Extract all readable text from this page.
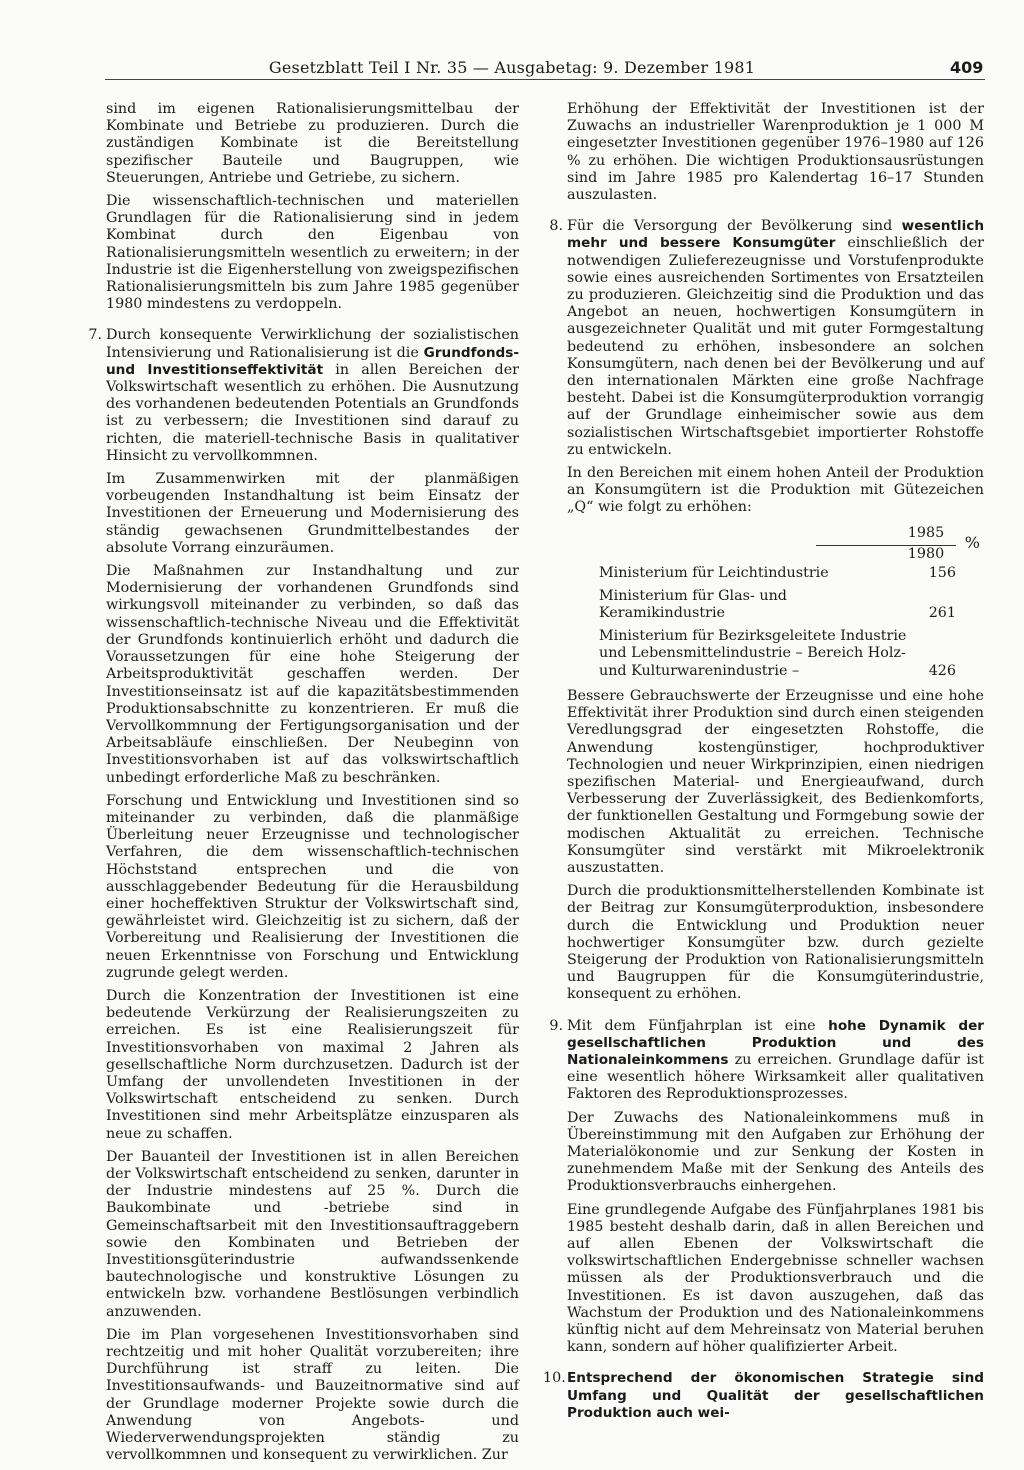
Gesetzblatt Teil I Nr. 35 — Ausgabetag: 9. Dezember 1981	409

sind im eigenen Rationalisierungsmittelbau der Kombinate und Betriebe zu produzieren. Durch die zuständigen Kombinate ist die Bereitstellung spezifischer Bauteile und Baugruppen, wie Steuerungen, Antriebe und Getriebe, zu sichern.

Die wissenschaftlich-technischen und materiellen Grundlagen für die Rationalisierung sind in jedem Kombinat durch den Eigenbau von Rationalisierungsmitteln wesentlich zu erweitern; in der Industrie ist die Eigenherstellung von zweigspezifischen Rationalisierungsmitteln bis zum Jahre 1985 gegenüber 1980 mindestens zu verdoppeln.

7. Durch konsequente Verwirklichung der sozialistischen Intensivierung und Rationalisierung ist die Grundfonds- und Investitionseffektivität in allen Bereichen der Volkswirtschaft wesentlich zu erhöhen. Die Ausnutzung des vorhandenen bedeutenden Potentials an Grundfonds ist zu verbessern; die Investitionen sind darauf zu richten, die materiell-technische Basis in qualitativer Hinsicht zu vervollkommnen.

Im Zusammenwirken mit der planmäßigen vorbeugenden Instandhaltung ist beim Einsatz der Investitionen der Erneuerung und Modernisierung des ständig gewachsenen Grundmittelbestandes der absolute Vorrang einzuräumen.

Die Maßnahmen zur Instandhaltung und zur Modernisierung der vorhandenen Grundfonds sind wirkungsvoll miteinander zu verbinden, so daß das wissenschaftlich-technische Niveau und die Effektivität der Grundfonds kontinuierlich erhöht und dadurch die Voraussetzungen für eine hohe Steigerung der Arbeitsproduktivität geschaffen werden. Der Investitionseinsatz ist auf die kapazitätsbestimmenden Produktionsabschnitte zu konzentrieren. Er muß die Vervollkommnung der Fertigungsorganisation und der Arbeitsabläufe einschließen. Der Neubeginn von Investitionsvorhaben ist auf das volkswirtschaftlich unbedingt erforderliche Maß zu beschränken.

Forschung und Entwicklung und Investitionen sind so miteinander zu verbinden, daß die planmäßige Überleitung neuer Erzeugnisse und technologischer Verfahren, die dem wissenschaftlich-technischen Höchststand entsprechen und die von ausschlaggebender Bedeutung für die Herausbildung einer hocheffektiven Struktur der Volkswirtschaft sind, gewährleistet wird. Gleichzeitig ist zu sichern, daß der Vorbereitung und Realisierung der Investitionen die neuen Erkenntnisse von Forschung und Entwicklung zugrunde gelegt werden.

Durch die Konzentration der Investitionen ist eine bedeutende Verkürzung der Realisierungszeiten zu erreichen. Es ist eine Realisierungszeit für Investitionsvorhaben von maximal 2 Jahren als gesellschaftliche Norm durchzusetzen. Dadurch ist der Umfang der unvollendeten Investitionen in der Volkswirtschaft entscheidend zu senken. Durch Investitionen sind mehr Arbeitsplätze einzusparen als neue zu schaffen.

Der Bauanteil der Investitionen ist in allen Bereichen der Volkswirtschaft entscheidend zu senken, darunter in der Industrie mindestens auf 25 %. Durch die Baukombinate und -betriebe sind in Gemeinschaftsarbeit mit den Investitionsauftraggebern sowie den Kombinaten und Betrieben der Investitionsgüterindustrie aufwandssenkende bautechnologische und konstruktive Lösungen zu entwickeln bzw. vorhandene Bestlösungen verbindlich anzuwenden.

Die im Plan vorgesehenen Investitionsvorhaben sind rechtzeitig und mit hoher Qualität vorzubereiten; ihre Durchführung ist straff zu leiten. Die Investitionsaufwands- und Bauzeitnormative sind auf der Grundlage moderner Projekte sowie durch die Anwendung von Angebots- und Wiederverwendungsprojekten ständig zu vervollkommnen und konsequent zu verwirklichen. Zur

Erhöhung der Effektivität der Investitionen ist der Zuwachs an industrieller Warenproduktion je 1 000 M eingesetzter Investitionen gegenüber 1976–1980 auf 126 % zu erhöhen. Die wichtigen Produktionsausrüstungen sind im Jahre 1985 pro Kalendertag 16–17 Stunden auszulasten.

8. Für die Versorgung der Bevölkerung sind wesentlich mehr und bessere Konsumgüter einschließlich der notwendigen Zulieferezeugnisse und Vorstufenprodukte sowie eines ausreichenden Sortimentes von Ersatzteilen zu produzieren. Gleichzeitig sind die Produktion und das Angebot an neuen, hochwertigen Konsumgütern in ausgezeichneter Qualität und mit guter Formgestaltung bedeutend zu erhöhen, insbesondere an solchen Konsumgütern, nach denen bei der Bevölkerung und auf den internationalen Märkten eine große Nachfrage besteht. Dabei ist die Konsumgüterproduktion vorrangig auf der Grundlage einheimischer sowie aus dem sozialistischen Wirtschaftsgebiet importierter Rohstoffe zu entwickeln.

In den Bereichen mit einem hohen Anteil der Produktion an Konsumgütern ist die Produktion mit Gütezeichen „Q“ wie folgt zu erhöhen:

1985
1980
%
Ministerium für Leichtindustrie	156
Ministerium für Glas- und Keramikindustrie	261
Ministerium für Bezirksgeleitete Industrie und Lebensmittelindustrie – Bereich Holz- und Kulturwarenindustrie –	426

Bessere Gebrauchswerte der Erzeugnisse und eine hohe Effektivität ihrer Produktion sind durch einen steigenden Veredlungsgrad der eingesetzten Rohstoffe, die Anwendung kostengünstiger, hochproduktiver Technologien und neuer Wirkprinzipien, einen niedrigen spezifischen Material- und Energieaufwand, durch Verbesserung der Zuverlässigkeit, des Bedienkomforts, der funktionellen Gestaltung und Formgebung sowie der modischen Aktualität zu erreichen. Technische Konsumgüter sind verstärkt mit Mikroelektronik auszustatten.

Durch die produktionsmittelherstellenden Kombinate ist der Beitrag zur Konsumgüterproduktion, insbesondere durch die Entwicklung und Produktion neuer hochwertiger Konsumgüter bzw. durch gezielte Steigerung der Produktion von Rationalisierungsmitteln und Baugruppen für die Konsumgüterindustrie, konsequent zu erhöhen.

9. Mit dem Fünfjahrplan ist eine hohe Dynamik der gesellschaftlichen Produktion und des Nationaleinkommens zu erreichen. Grundlage dafür ist eine wesentlich höhere Wirksamkeit aller qualitativen Faktoren des Reproduktionsprozesses.

Der Zuwachs des Nationaleinkommens muß in Übereinstimmung mit den Aufgaben zur Erhöhung der Materialökonomie und zur Senkung der Kosten in zunehmendem Maße mit der Senkung des Anteils des Produktionsverbrauchs einhergehen.

Eine grundlegende Aufgabe des Fünfjahrplanes 1981 bis 1985 besteht deshalb darin, daß in allen Bereichen und auf allen Ebenen der Volkswirtschaft die volkswirtschaftlichen Endergebnisse schneller wachsen müssen als der Produktionsverbrauch und die Investitionen. Es ist davon auszugehen, daß das Wachstum der Produktion und des Nationaleinkommens künftig nicht auf dem Mehreinsatz von Material beruhen kann, sondern auf höher qualifizierter Arbeit.

10. Entsprechend der ökonomischen Strategie sind Umfang und Qualität der gesellschaftlichen Produktion auch wei-
